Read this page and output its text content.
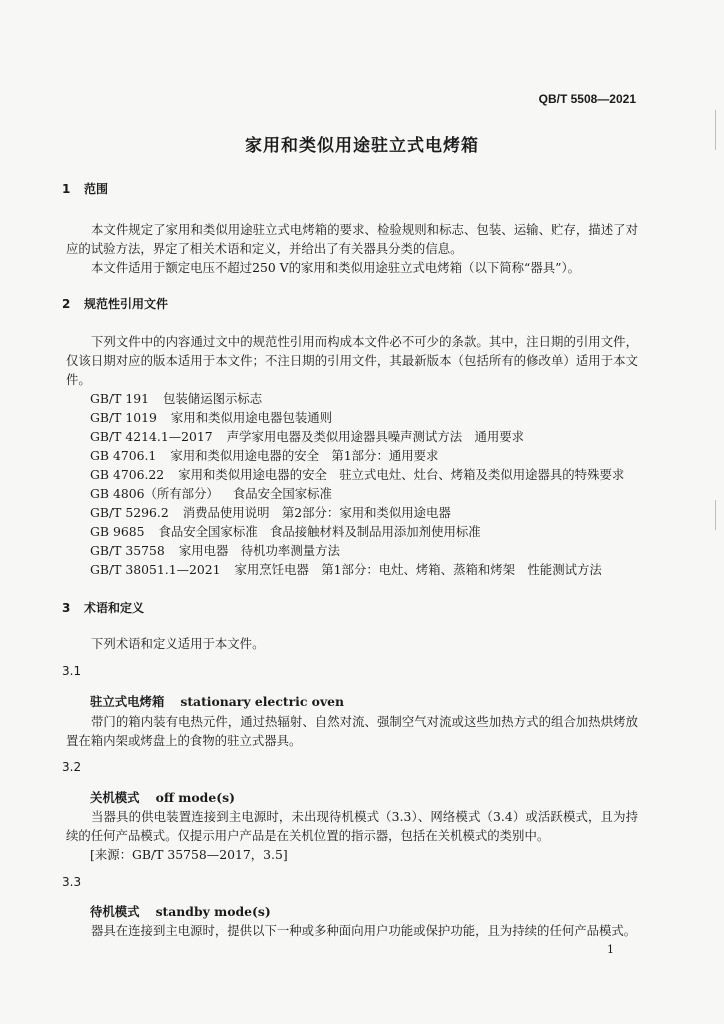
QB/T 5508—2021
家用和类似用途驻立式电烤箱
1 范围
本文件规定了家用和类似用途驻立式电烤箱的要求、检验规则和标志、包装、运输、贮存，描述了对应的试验方法，界定了相关术语和定义，并给出了有关器具分类的信息。
本文件适用于额定电压不超过250 V的家用和类似用途驻立式电烤箱（以下简称“器具”）。
2 规范性引用文件
下列文件中的内容通过文中的规范性引用而构成本文件必不可少的条款。其中，注日期的引用文件，仅该日期对应的版本适用于本文件；不注日期的引用文件，其最新版本（包括所有的修改单）适用于本文件。
GB/T 191 包装储运图示标志
GB/T 1019 家用和类似用途电器包装通则
GB/T 4214.1—2017 声学家用电器及类似用途器具噪声测试方法　通用要求
GB 4706.1 家用和类似用途电器的安全　第1部分：通用要求
GB 4706.22 家用和类似用途电器的安全　驻立式电灶、灶台、烤箱及类似用途器具的特殊要求
GB 4806（所有部分） 食品安全国家标准
GB/T 5296.2 消费品使用说明　第2部分：家用和类似用途电器
GB 9685 食品安全国家标准　食品接触材料及制品用添加剂使用标准
GB/T 35758 家用电器　待机功率测量方法
GB/T 38051.1—2021 家用烹饪电器　第1部分：电灶、烤箱、蒸箱和烤架　性能测试方法
3 术语和定义
下列术语和定义适用于本文件。
3.1
驻立式电烤箱 stationary electric oven
带门的箱内装有电热元件，通过热辐射、自然对流、强制空气对流或这些加热方式的组合加热烘烤放置在箱内架或烤盘上的食物的驻立式器具。
3.2
关机模式 off mode(s)
当器具的供电装置连接到主电源时，未出现待机模式（3.3）、网络模式（3.4）或活跃模式，且为持续的任何产品模式。仅提示用户产品是在关机位置的指示器，包括在关机模式的类别中。
[来源：GB/T 35758—2017，3.5]
3.3
待机模式 standby mode(s)
器具在连接到主电源时，提供以下一种或多种面向用户功能或保护功能，且为持续的任何产品模式。
1
